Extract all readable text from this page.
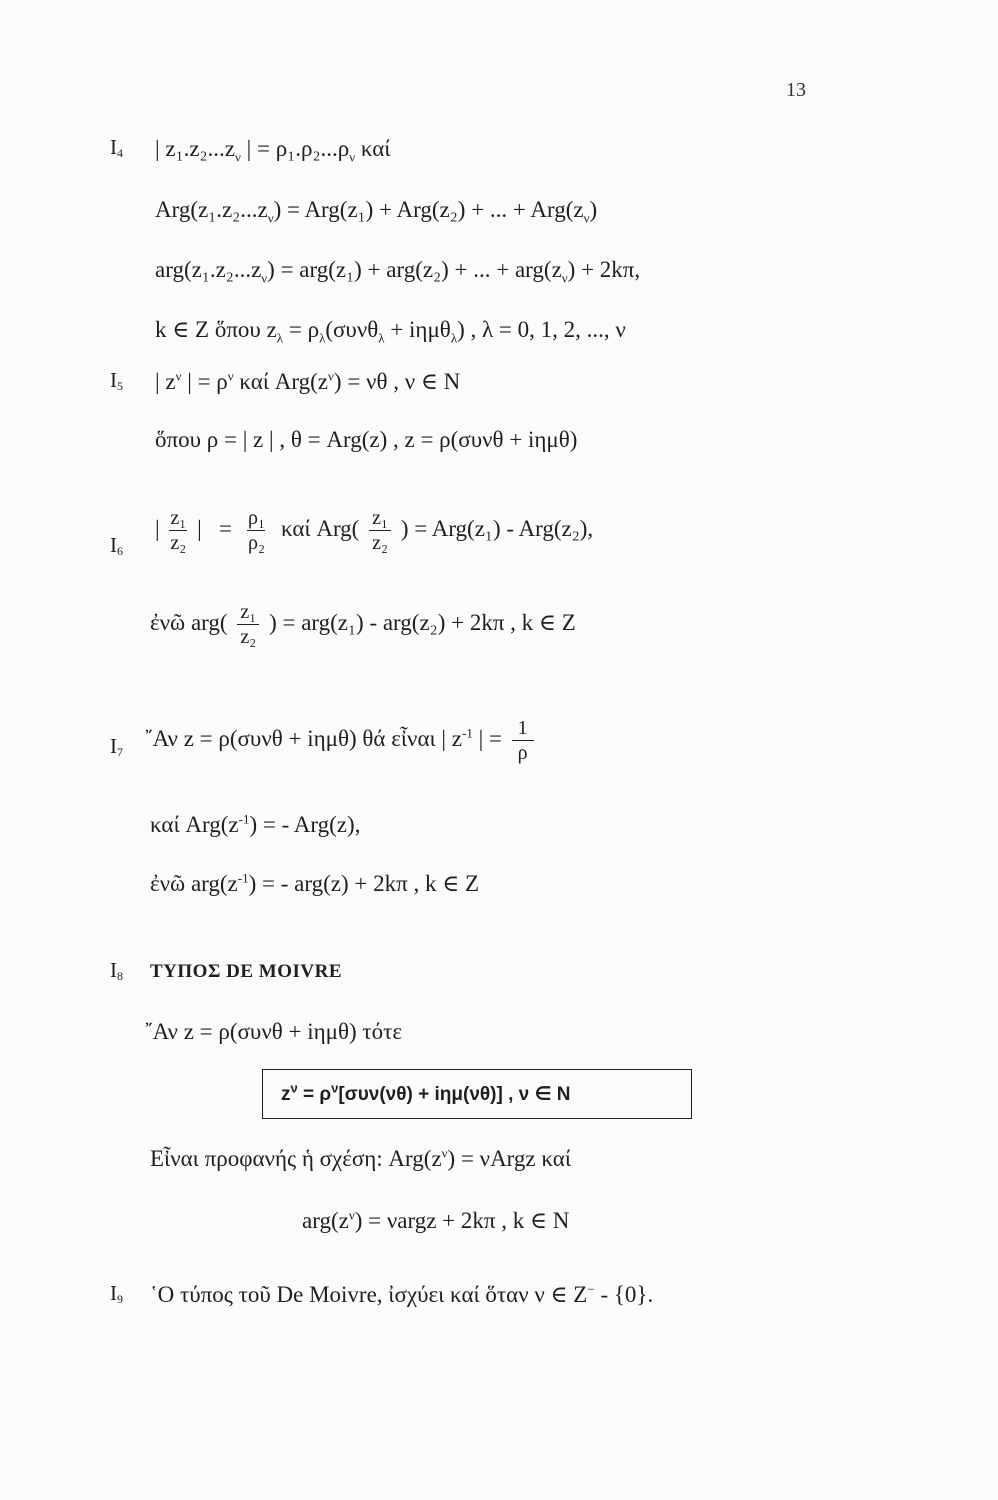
13
$I_4$ | $z_1.z_2...z_\nu$ | = $\rho_1.\rho_2...\rho_\nu$ καί
$Arg(z_1.z_2...z_\nu) = Arg(z_1) + Arg(z_2)$ + ... + $Arg(z_\nu)$
$arg(z_1.z_2...z_\nu) = arg(z_1) + arg(z_2)$ + ... + $arg(z_\nu) + 2k\pi$,
k ∈ Z ὅπου $z_\lambda = \rho_\lambda(\sigma\upsilon\nu\theta_\lambda + i\eta\mu\theta_\lambda)$ , λ = 0, 1, 2, ..., ν
$I_5$ | $z^\nu$ | = $\rho^\nu$ καί $Arg(z^\nu) = \nu\theta$ , ν ∈ N
ὅπου ρ = | z | , θ = Arg(z) , z = ρ(συνθ + iημθ)
$I_6$
| $\frac{\text{z₁}}{\text{z₂}}$ | = $\frac{\text{ρ₁}}{\text{ρ₂}}$ καί $Arg( \frac{\text{z₁}}{\text{z₂}}$ ) = Arg(z₁) - Arg(z₂),
ἐνῶ $arg( \frac{\text{z₁}}{\text{z₂}}$ ) = arg(z₁) - arg(z₂) + 2kπ , k ∈ Z
$I_7$
῎Αν z = ρ(συνθ + iημθ) θά εἶναι | $z^{-1}$ | = $\frac{1}{\rho}$
καί $Arg(z^{-1})$ = - Arg(z),
ἐνῶ $arg(z^{-1})$ = - arg(z) + 2kπ , k ∈ Z
$I_8$ ΤΥΠΟΣ DE MOIVRE
῎Αν z = ρ(συνθ + iημθ) τότε
$z^\nu = \rho^\nu[\sigma\upsilon\nu(\nu\theta) + i\eta\mu(\nu\theta)]$ , ν ∈ N
Εἶναι προφανής ἡ σχέση: $Arg(z^\nu)$ = νArgz καί
$arg(z^\nu)$ = νargz + 2kπ , k ∈ N
$I_9$ ῾Ο τύπος τοῦ De Moivre, ἰσχύει καί ὅταν ν ∈ Z− - {0}.
